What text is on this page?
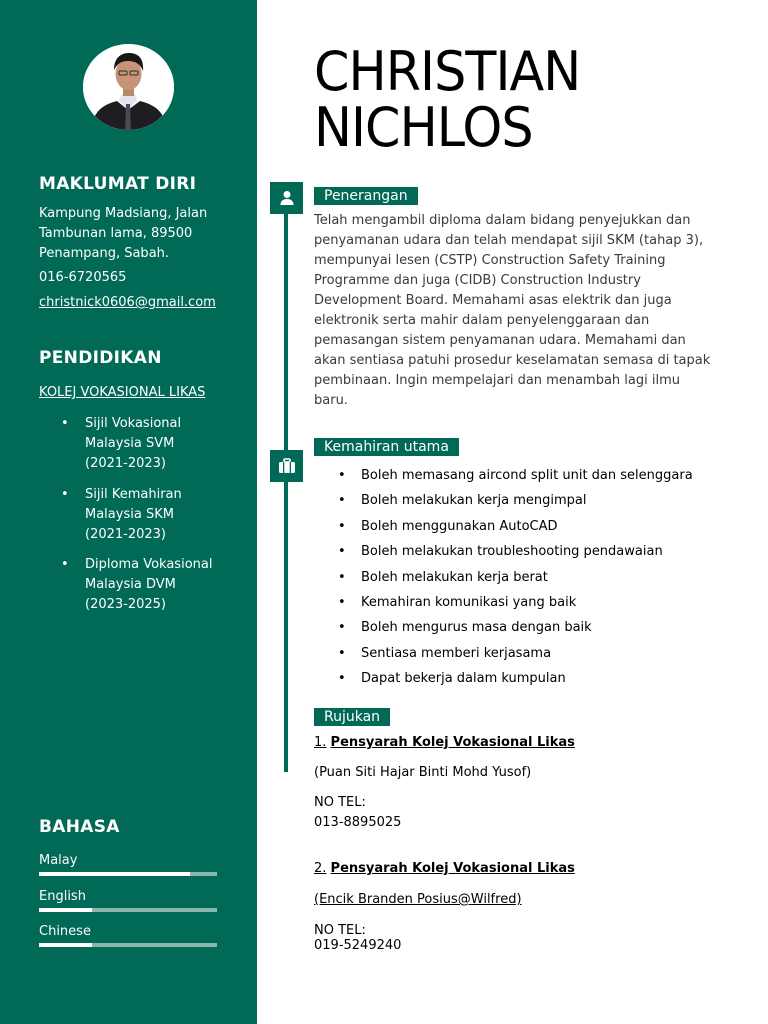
MAKLUMAT DIRI
Kampung Madsiang, Jalan
Tambunan lama, 89500
Penampang, Sabah.
016-6720565
christnick0606@gmail.com
PENDIDIKAN
KOLEJ VOKASIONAL LIKAS
• Sijil Vokasional
Malaysia SVM
(2021-2023)
• Sijil Kemahiran
Malaysia SKM
(2021-2023)
• Diploma Vokasional
Malaysia DVM
(2023-2025)
BAHASA
Malay
English
Chinese
CHRISTIAN
NICHLOS
Penerangan

Telah mengambil diploma dalam bidang penyejukkan dan penyamanan udara dan telah mendapat sijil SKM (tahap 3), mempunyai lesen (CSTP) Construction Safety Training Programme dan juga (CIDB) Construction Industry Development Board. Memahami asas elektrik dan juga elektronik serta mahir dalam penyelenggaraan dan pemasangan sistem penyamanan udara. Memahami dan akan sentiasa patuhi prosedur keselamatan semasa di tapak pembinaan. Ingin mempelajari dan menambah lagi ilmu baru.

Kemahiran utama
• Boleh memasang aircond split unit dan selenggara
• Boleh melakukan kerja mengimpal
• Boleh menggunakan AutoCAD
• Boleh melakukan troubleshooting pendawaian
• Boleh melakukan kerja berat
• Kemahiran komunikasi yang baik
• Boleh mengurus masa dengan baik
• Sentiasa memberi kerjasama
• Dapat bekerja dalam kumpulan
Rujukan
1. Pensyarah Kolej Vokasional Likas
(Puan Siti Hajar Binti Mohd Yusof)
NO TEL:
013-8895025
2. Pensyarah Kolej Vokasional Likas
(Encik Branden Posius@Wilfred)
NO TEL:
019-5249240
